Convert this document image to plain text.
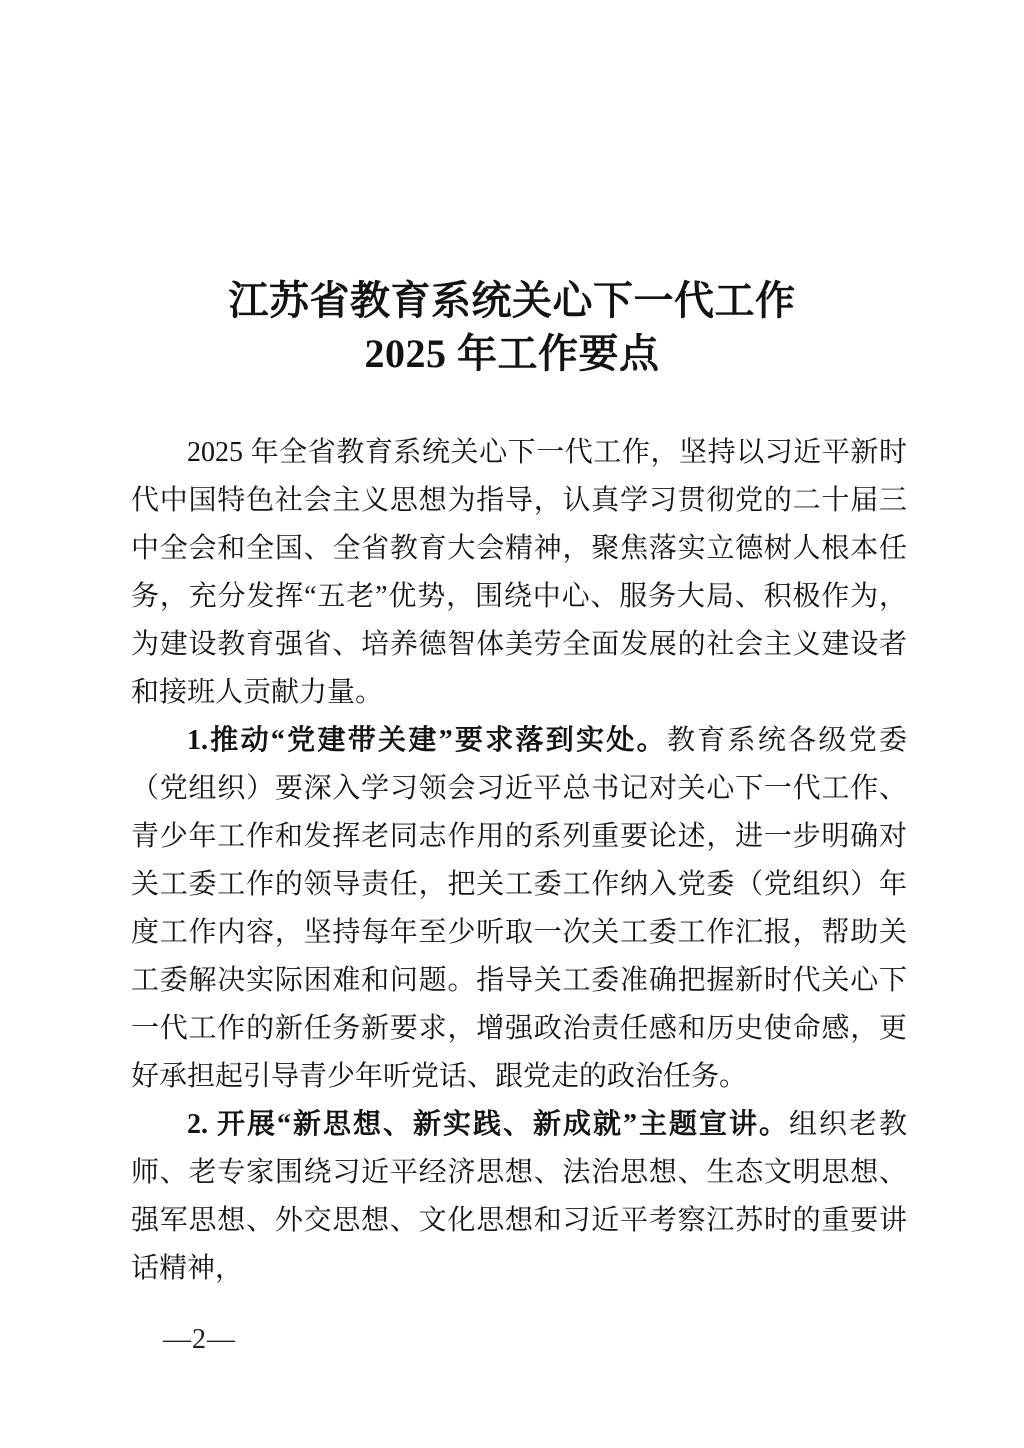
江苏省教育系统关心下一代工作
2025 年工作要点

2025 年全省教育系统关心下一代工作，坚持以习近平新时代中国特色社会主义思想为指导，认真学习贯彻党的二十届三中全会和全国、全省教育大会精神，聚焦落实立德树人根本任务，充分发挥“五老”优势，围绕中心、服务大局、积极作为，为建设教育强省、培养德智体美劳全面发展的社会主义建设者和接班人贡献力量。

1.推动“党建带关建”要求落到实处。教育系统各级党委（党组织）要深入学习领会习近平总书记对关心下一代工作、青少年工作和发挥老同志作用的系列重要论述，进一步明确对关工委工作的领导责任，把关工委工作纳入党委（党组织）年度工作内容，坚持每年至少听取一次关工委工作汇报，帮助关工委解决实际困难和问题。指导关工委准确把握新时代关心下一代工作的新任务新要求，增强政治责任感和历史使命感，更好承担起引导青少年听党话、跟党走的政治任务。

2. 开展“新思想、新实践、新成就”主题宣讲。组织老教师、老专家围绕习近平经济思想、法治思想、生态文明思想、强军思想、外交思想、文化思想和习近平考察江苏时的重要讲话精神，

—2—
